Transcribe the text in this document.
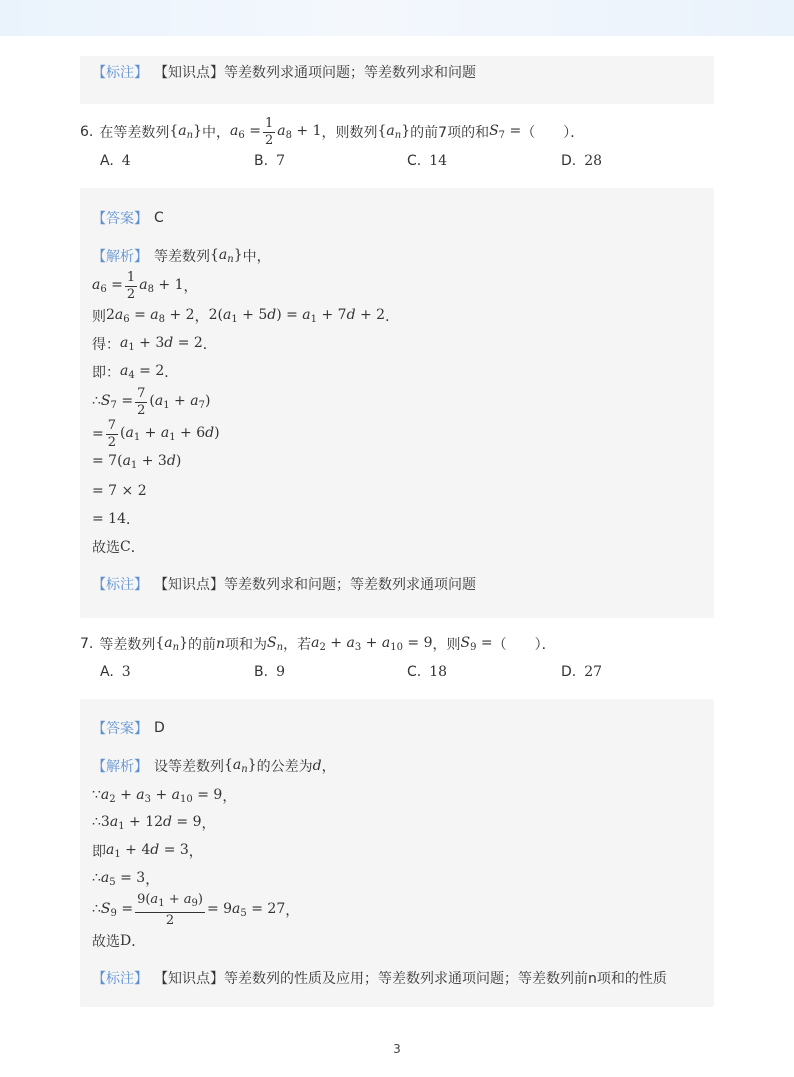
【标注】 【知识点】等差数列求通项问题；等差数列求和问题
6. 在等差数列 $\{a_n\}$ 中， $a_6 = \frac{1}{2} a_8 + 1$ ，则数列 $\{a_n\}$ 的前7项的和 $S_7$ = （　　）．
A. 4	B. 7	C. 14	D. 28
【答案】 C
【解析】 等差数列 $\{a_n\}$ 中，
$a_6 = \frac{1}{2} a_8 + 1$ ，
则 $2a_6 = a_8 + 2$ ， $2(a_1 + 5d) = a_1 + 7d + 2$ ．
得： $a_1 + 3d = 2$ ．
即： $a_4 = 2$ ．
$\therefore S_7 = \frac{7}{2} (a_1 + a_7)$
= $\frac{7}{2} (a_1 + a_1 + 6d)$
= $7(a_1 + 3d)$
= 7 × 2
= 14 ．
故选 C ．
【标注】 【知识点】等差数列求和问题；等差数列求通项问题
7. 等差数列 $\{a_n\}$ 的前 n 项和为 $S_n$ ，若 $a_2 + a_3 + a_{10} = 9$ ，则 $S_9$ = （　　）．
A. 3	B. 9	C. 18	D. 27
【答案】 D
【解析】 设等差数列 $\{a_n\}$ 的公差为 d ，
$\because a_2 + a_3 + a_{10} = 9$ ，
$\therefore 3a_1 + 12d = 9$ ，
即 $a_1 + 4d = 3$ ，
$\therefore a_5 = 3$ ，
$\therefore S_9 = \frac{9(a_1 + a_9)}{2} = 9a_5 = 27$ ，
故选 D ．
【标注】 【知识点】等差数列的性质及应用；等差数列求通项问题；等差数列前n项和的性质
3
